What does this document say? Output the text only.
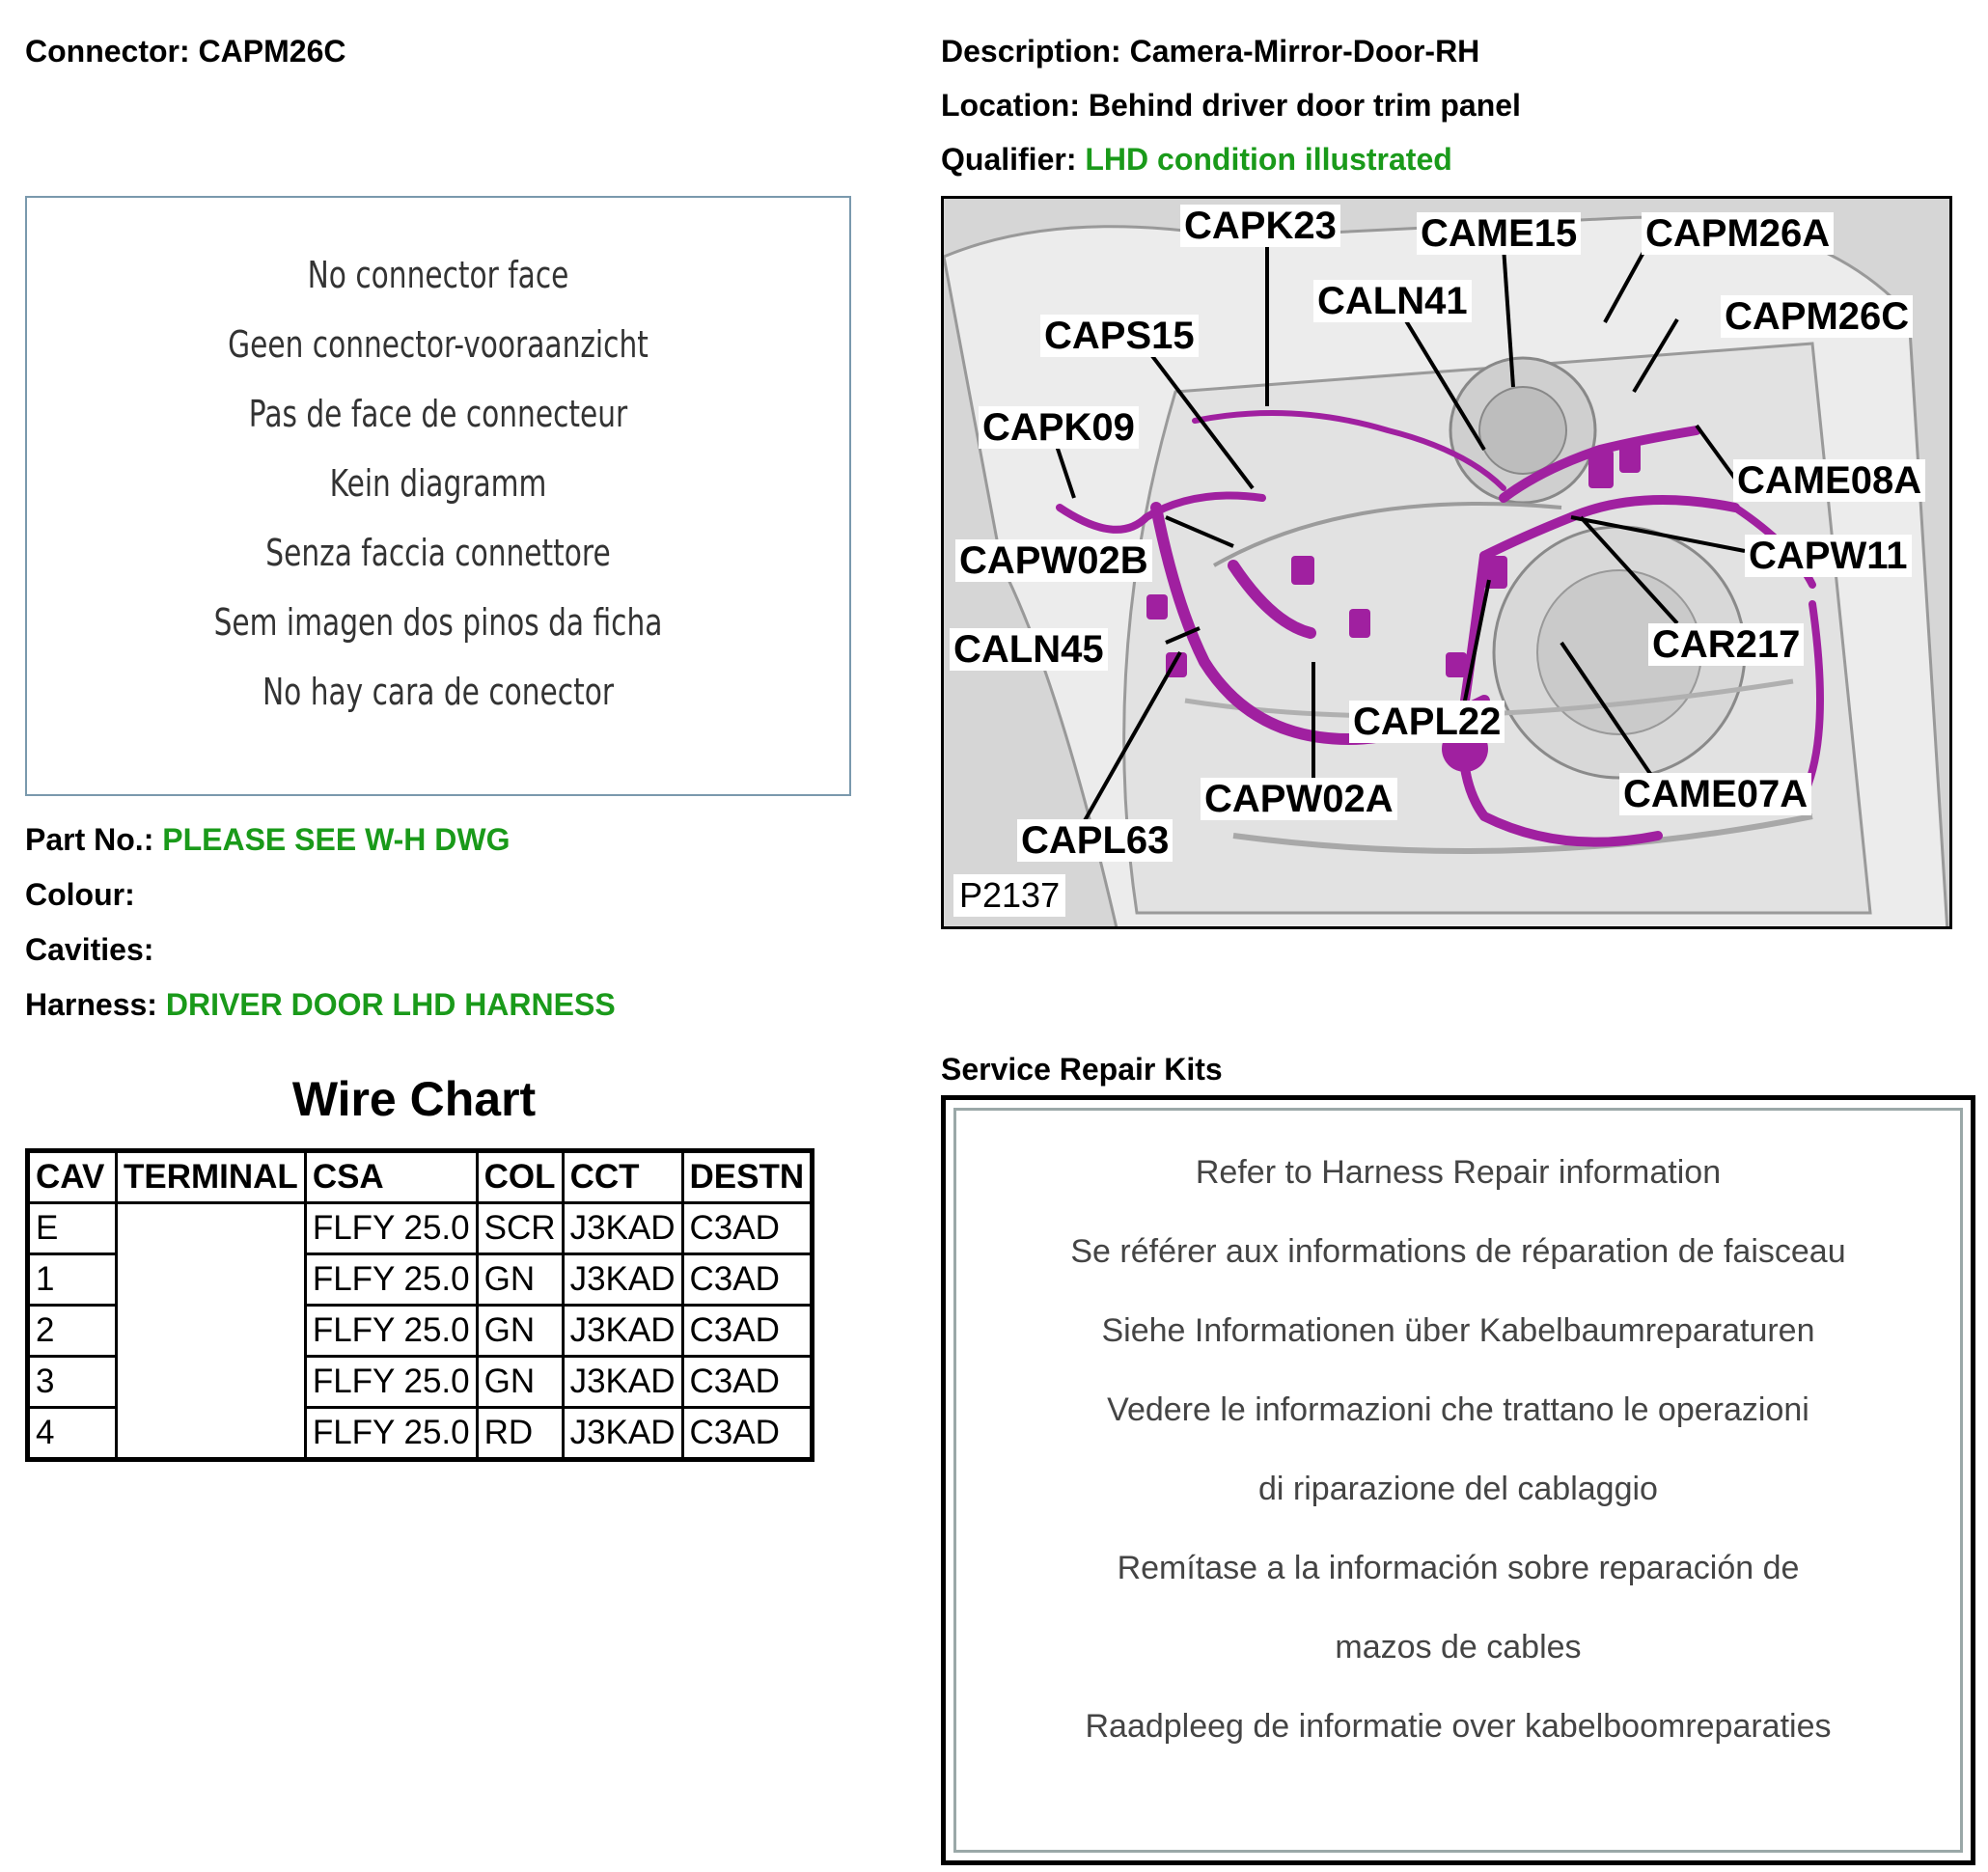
Connector: CAPM26C	Description: Camera-Mirror-Door-RH
Location: Behind driver door trim panel
Qualifier: LHD condition illustrated
No connector face
Geen connector-vooraanzicht
Pas de face de connecteur
Kein diagramm
Senza faccia connettore
Sem imagen dos pinos da ficha
No hay cara de conector
Part No.: PLEASE SEE W-H DWG
Colour:
Cavities:
Harness: DRIVER DOOR LHD HARNESS
Wire Chart
CAV	TERMINAL	CSA	COL	CCT	DESTN
E		FLFY 25.0	SCR	J3KAD	C3AD
1		FLFY 25.0	GN	J3KAD	C3AD
2		FLFY 25.0	GN	J3KAD	C3AD
3		FLFY 25.0	GN	J3KAD	C3AD
4		FLFY 25.0	RD	J3KAD	C3AD
CAPK23 CAME15 CAPM26A
CALN41	CAPM26C
CAPS15
CAPK09
CAME08A
CAPW02B	CAPW11
CALN45	CAR217
CAPL22
CAME07A
CAPW02A
CAPL63
P2137
Service Repair Kits
Refer to Harness Repair information
Se référer aux informations de réparation de faisceau
Siehe Informationen über Kabelbaumreparaturen
Vedere le informazioni che trattano le operazioni
di riparazione del cablaggio
Remítase a la información sobre reparación de
mazos de cables
Raadpleeg de informatie over kabelboomreparaties
